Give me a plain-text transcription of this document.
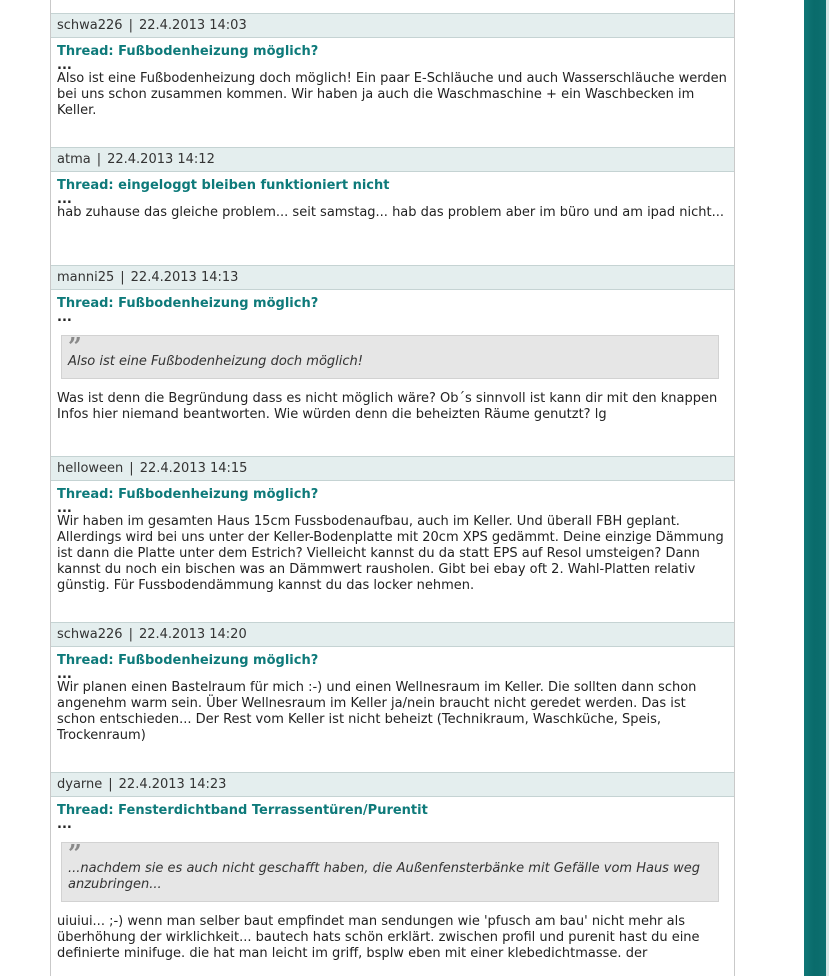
schwa226 | 22.4.2013 14:03

Thread: Fußbodenheizung möglich?

...

Also ist eine Fußbodenheizung doch möglich! Ein paar E-Schläuche und auch Wasserschläuche werden bei uns schon zusammen kommen. Wir haben ja auch die Waschmaschine + ein Waschbecken im Keller.

atma | 22.4.2013 14:12

Thread: eingeloggt bleiben funktioniert nicht

...

hab zuhause das gleiche problem... seit samstag... hab das problem aber im büro und am ipad nicht...

manni25 | 22.4.2013 14:13

Thread: Fußbodenheizung möglich?

...

”

Also ist eine Fußbodenheizung doch möglich!

Was ist denn die Begründung dass es nicht möglich wäre? Ob´s sinnvoll ist kann dir mit den knappen Infos hier niemand beantworten. Wie würden denn die beheizten Räume genutzt? lg

helloween | 22.4.2013 14:15

Thread: Fußbodenheizung möglich?

...

Wir haben im gesamten Haus 15cm Fussbodenaufbau, auch im Keller. Und überall FBH geplant. Allerdings wird bei uns unter der Keller-Bodenplatte mit 20cm XPS gedämmt. Deine einzige Dämmung ist dann die Platte unter dem Estrich? Vielleicht kannst du da statt EPS auf Resol umsteigen? Dann kannst du noch ein bischen was an Dämmwert rausholen. Gibt bei ebay oft 2. Wahl-Platten relativ günstig. Für Fussbodendämmung kannst du das locker nehmen.

schwa226 | 22.4.2013 14:20

Thread: Fußbodenheizung möglich?

...

Wir planen einen Bastelraum für mich :-) und einen Wellnesraum im Keller. Die sollten dann schon angenehm warm sein. Über Wellnesraum im Keller ja/nein braucht nicht geredet werden. Das ist schon entschieden... Der Rest vom Keller ist nicht beheizt (Technikraum, Waschküche, Speis, Trockenraum)

dyarne | 22.4.2013 14:23

Thread: Fensterdichtband Terrassentüren/Purentit

...

”

...nachdem sie es auch nicht geschafft haben, die Außenfensterbänke mit Gefälle vom Haus weg anzubringen...

uiuiui... ;-) wenn man selber baut empfindet man sendungen wie 'pfusch am bau' nicht mehr als überhöhung der wirklichkeit... bautech hats schön erklärt. zwischen profil und purenit hast du eine definierte minifuge. die hat man leicht im griff, bsplw eben mit einer klebedichtmasse. der
